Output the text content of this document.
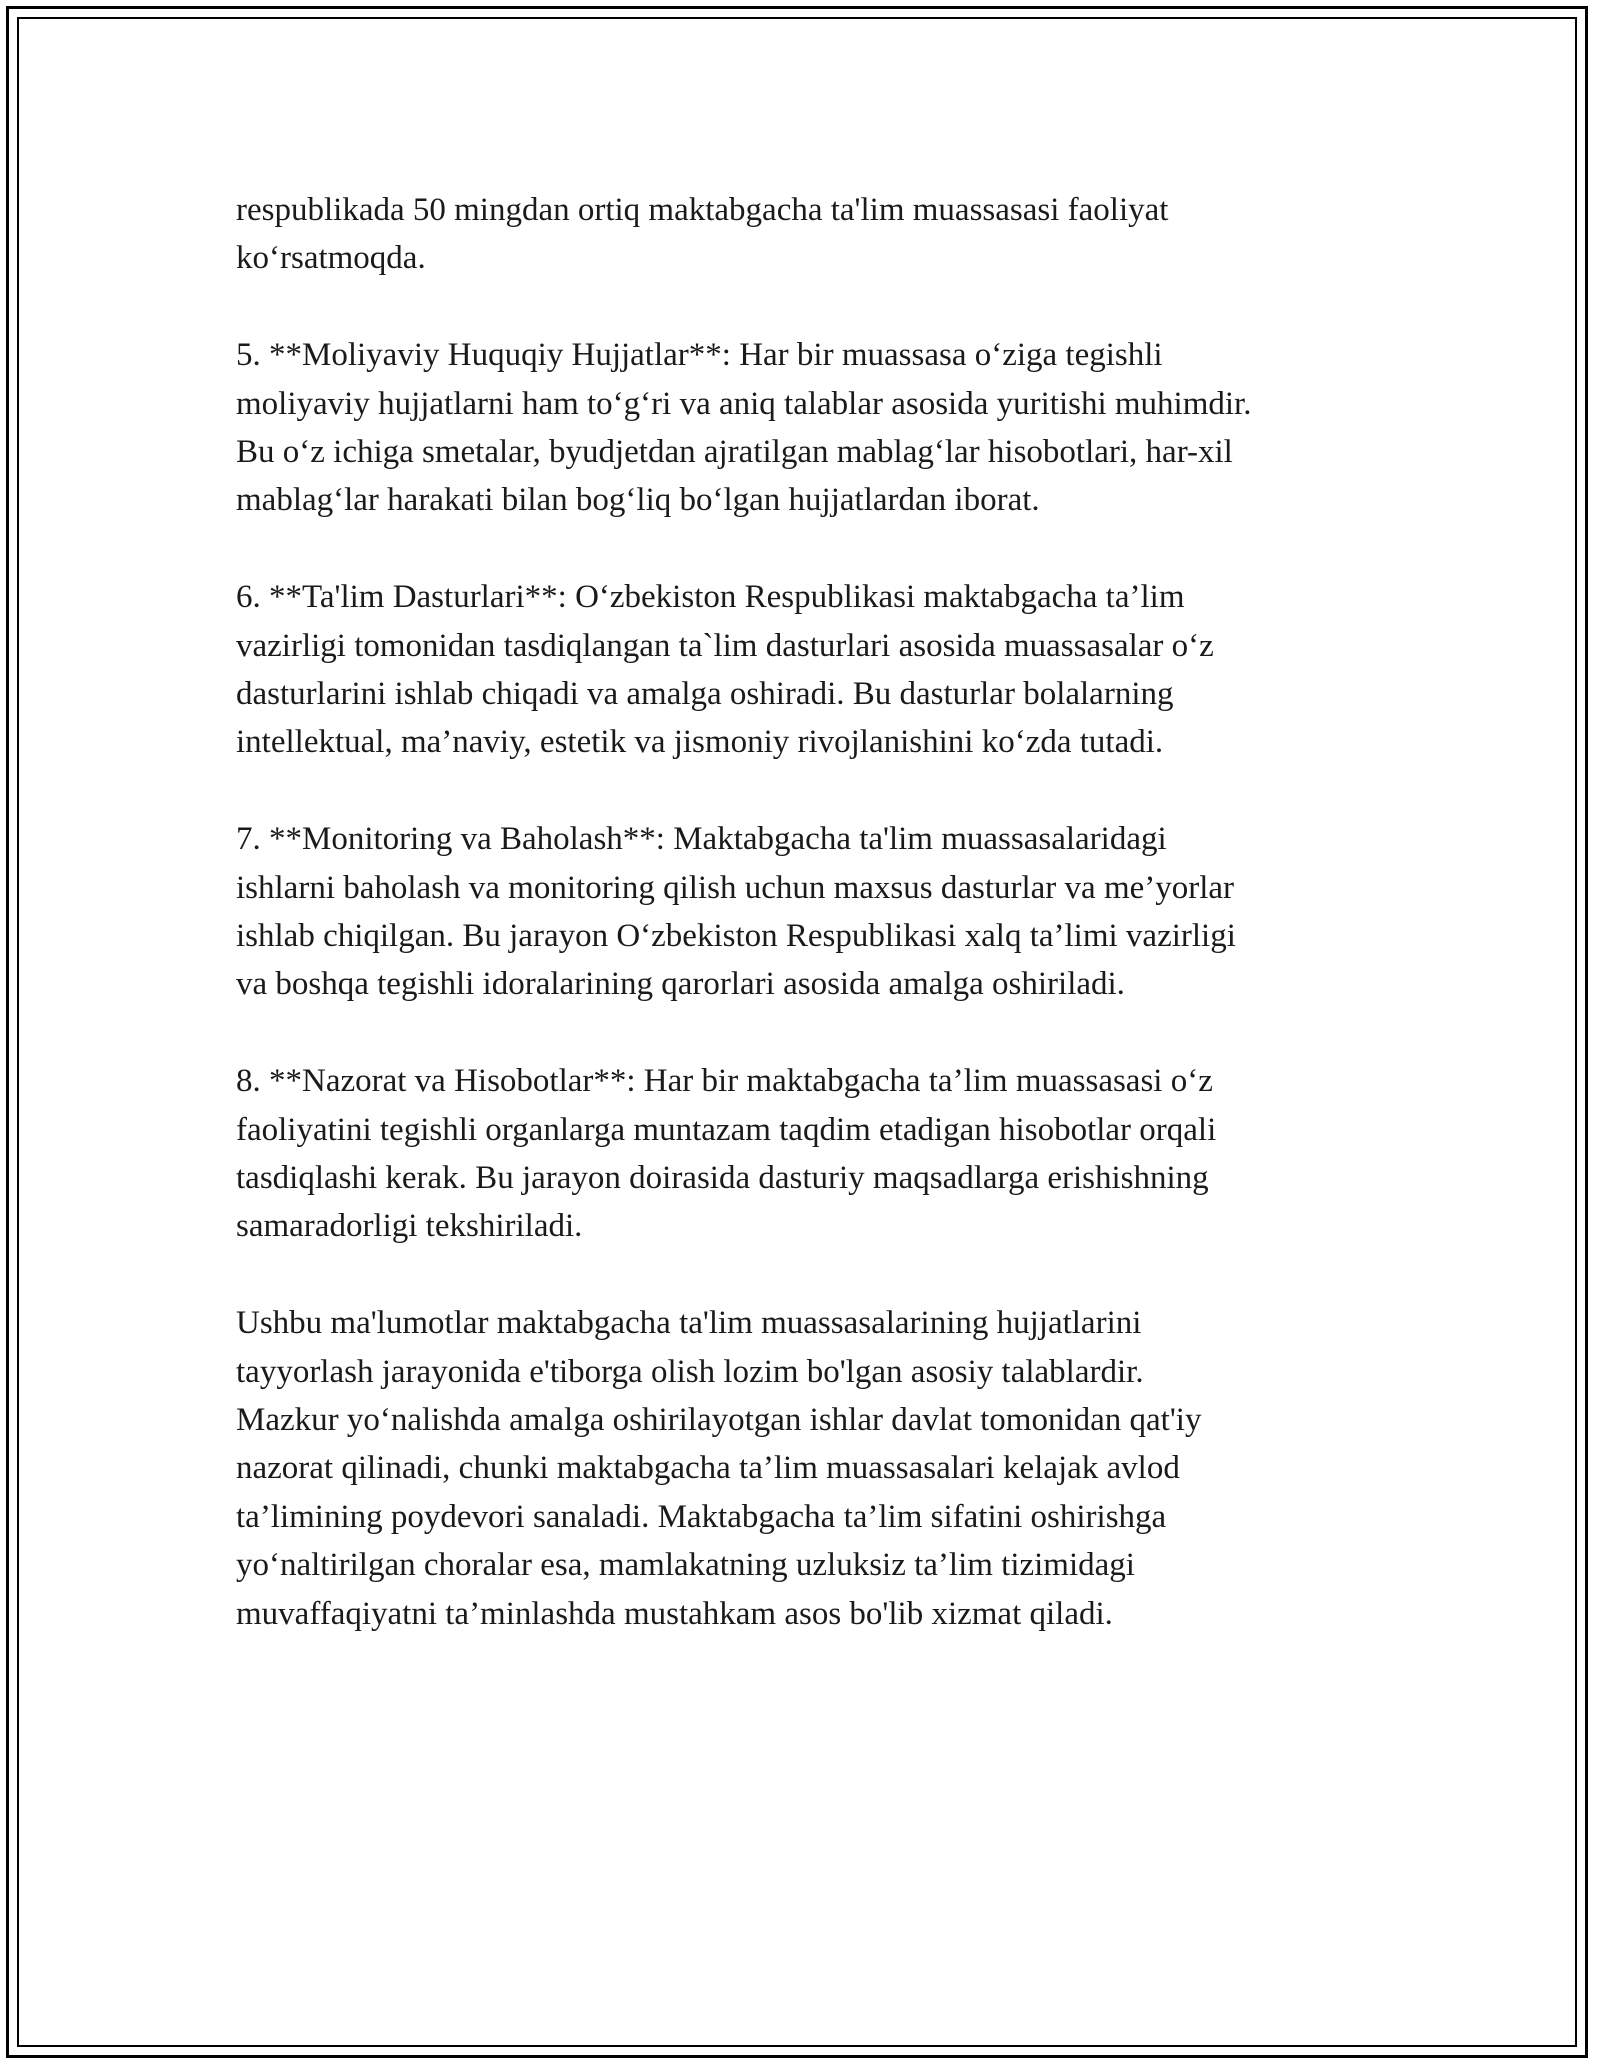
respublikada 50 mingdan ortiq maktabgacha ta'lim muassasasi faoliyat
ko‘rsatmoqda.

5. **Moliyaviy Huquqiy Hujjatlar**: Har bir muassasa o‘ziga tegishli
moliyaviy hujjatlarni ham to‘g‘ri va aniq talablar asosida yuritishi muhimdir.
Bu o‘z ichiga smetalar, byudjetdan ajratilgan mablag‘lar hisobotlari, har-xil
mablag‘lar harakati bilan bog‘liq bo‘lgan hujjatlardan iborat.

6. **Ta'lim Dasturlari**: O‘zbekiston Respublikasi maktabgacha ta’lim
vazirligi tomonidan tasdiqlangan ta`lim dasturlari asosida muassasalar o‘z
dasturlarini ishlab chiqadi va amalga oshiradi. Bu dasturlar bolalarning
intellektual, ma’naviy, estetik va jismoniy rivojlanishini ko‘zda tutadi.

7. **Monitoring va Baholash**: Maktabgacha ta'lim muassasalaridagi
ishlarni baholash va monitoring qilish uchun maxsus dasturlar va me’yorlar
ishlab chiqilgan. Bu jarayon O‘zbekiston Respublikasi xalq ta’limi vazirligi
va boshqa tegishli idoralarining qarorlari asosida amalga oshiriladi.

8. **Nazorat va Hisobotlar**: Har bir maktabgacha ta’lim muassasasi o‘z
faoliyatini tegishli organlarga muntazam taqdim etadigan hisobotlar orqali
tasdiqlashi kerak. Bu jarayon doirasida dasturiy maqsadlarga erishishning
samaradorligi tekshiriladi.

Ushbu ma'lumotlar maktabgacha ta'lim muassasalarining hujjatlarini
tayyorlash jarayonida e'tiborga olish lozim bo'lgan asosiy talablardir.
Mazkur yo‘nalishda amalga oshirilayotgan ishlar davlat tomonidan qat'iy
nazorat qilinadi, chunki maktabgacha ta’lim muassasalari kelajak avlod
ta’limining poydevori sanaladi. Maktabgacha ta’lim sifatini oshirishga
yo‘naltirilgan choralar esa, mamlakatning uzluksiz ta’lim tizimidagi
muvaffaqiyatni ta’minlashda mustahkam asos bo'lib xizmat qiladi.
